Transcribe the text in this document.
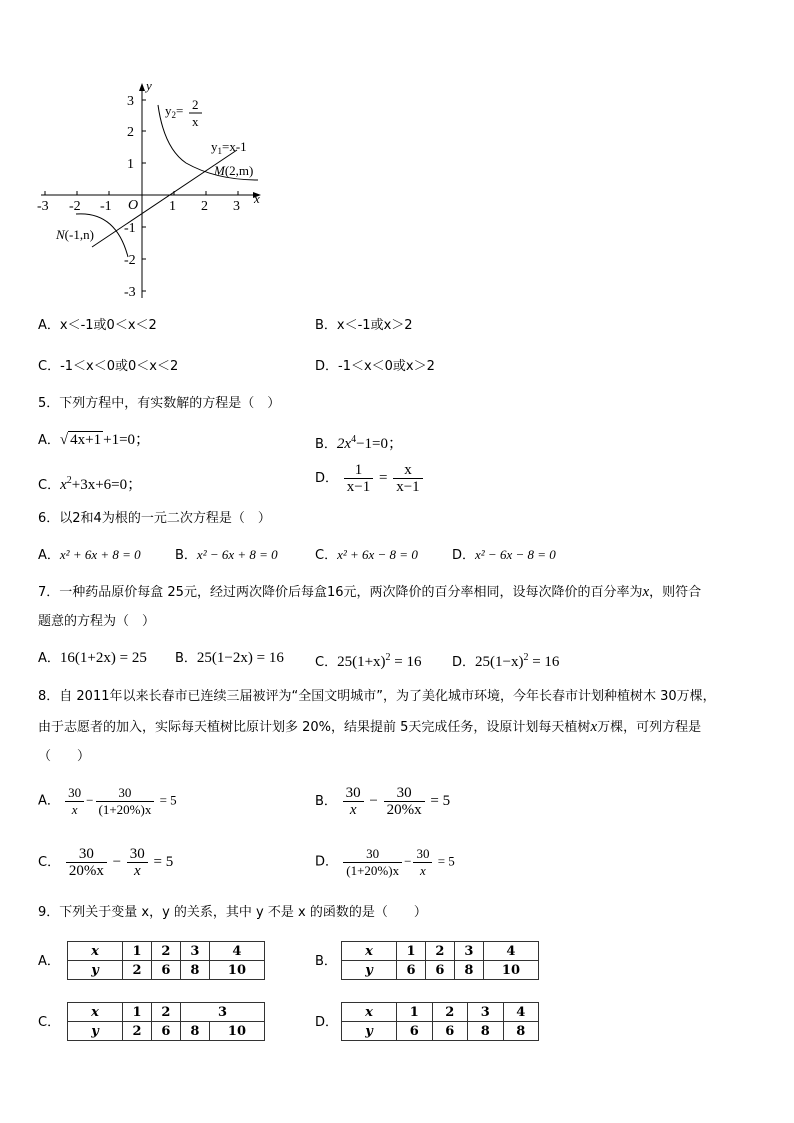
-3 -2 -1	1 2 3
3
2
1
-1
-2
-3
O	x
y
$y_2= 2$
x
$y_1=x-1$
M(2,m)
N(-1,n)
A．x＜-1或0＜x＜2	B．x＜-1或x＞2
C．-1＜x＜0或0＜x＜2	D．-1＜x＜0或x＞2
5．下列方程中，有实数解的方程是（　）
A．√ 4x+1 +1=0；	B．$2x^4-1=0$；
C．$x^2+3x+6=0$；	D． $\frac{1}{x-1} = \frac{x}{x-1}$
6．以2和4为根的一元二次方程是（　）
A．x² + 6x + 8 = 0	B．x² − 6x + 8 = 0	C．x² + 6x − 8 = 0	D．x² − 6x − 8 = 0
7．一种药品原价每盒 25元，经过两次降价后每盒16元，两次降价的百分率相同，设每次降价的百分率为x，则符合
题意的方程为（　）
A．16(1+2x) = 25 B．25(1−2x) = 16 C．$25(1+x)^2 = 16$ D．$25(1-x)^2 = 16$
8．自 2011年以来长春市已连续三届被评为“全国文明城市”，为了美化城市环境，今年长春市计划种植树木 30万棵，
由于志愿者的加入，实际每天植树比原计划多 20%，结果提前 5天完成任务，设原计划每天植树x万棵，可列方程是
（　　）
A． $\frac{30}{x} - \frac{30}{(1+20\%)x} = 5$	B． $\frac{30}{x} - \frac{30}{20\%x} = 5$
C． $\frac{30}{20\%x} - \frac{30}{x} = 5$	D． $\frac{30}{(1+20\%)x} - \frac{30}{x} = 5$
9．下列关于变量 x，y 的关系，其中 y 不是 x 的函数的是（　　）
A．
x	1	2	3	4
y	2	6	8	10
B．
x	1	2	3	4
y	6	6	8	10
C．
x	1	2	3	
y	2	6	8	10
D．
x	1	2	3	4
y	6	6	8	8
